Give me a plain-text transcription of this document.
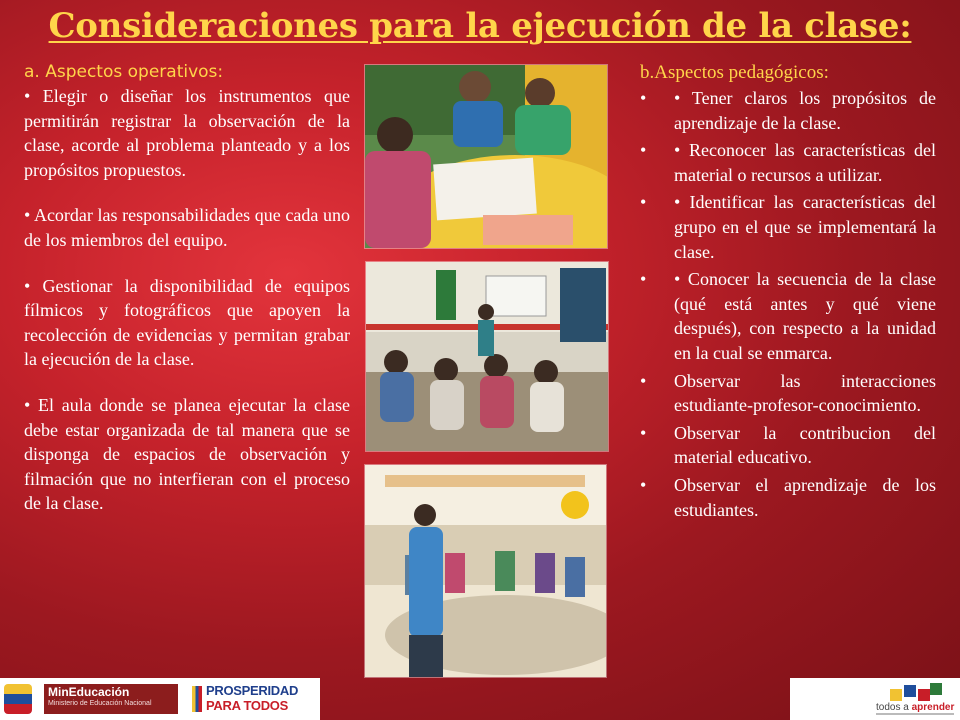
Consideraciones para la ejecución de la clase:
a. Aspectos operativos:

• Elegir o diseñar los instrumentos que permitirán registrar la observación de la clase, acorde al problema planteado y a los propósitos propuestos.

• Acordar las responsabilidades que cada uno de los miembros del equipo.

• Gestionar la disponibilidad de equipos fílmicos y fotográficos que apoyen la recolección de evidencias y permitan grabar la ejecución de la clase.

• El aula donde se planea ejecutar la clase debe estar organizada de tal manera que se disponga de espacios de observación y filmación que no interfieran con el proceso de la clase.

b.Aspectos pedagógicos:
• • Tener claros los propósitos de aprendizaje de la clase.
• • Reconocer las características del material o recursos a utilizar.
• • Identificar las características del grupo en el que se implementará la clase.
• • Conocer la secuencia de la clase (qué está antes y qué viene después), con respecto a la unidad en la cual se enmarca.
• Observar las interacciones estudiante-profesor-conocimiento.
• Observar la contribucion del material educativo.
• Observar el aprendizaje de los estudiantes.
MinEducación
Ministerio de Educación Nacional
PROSPERIDAD
PARA TODOS	todos a aprender
